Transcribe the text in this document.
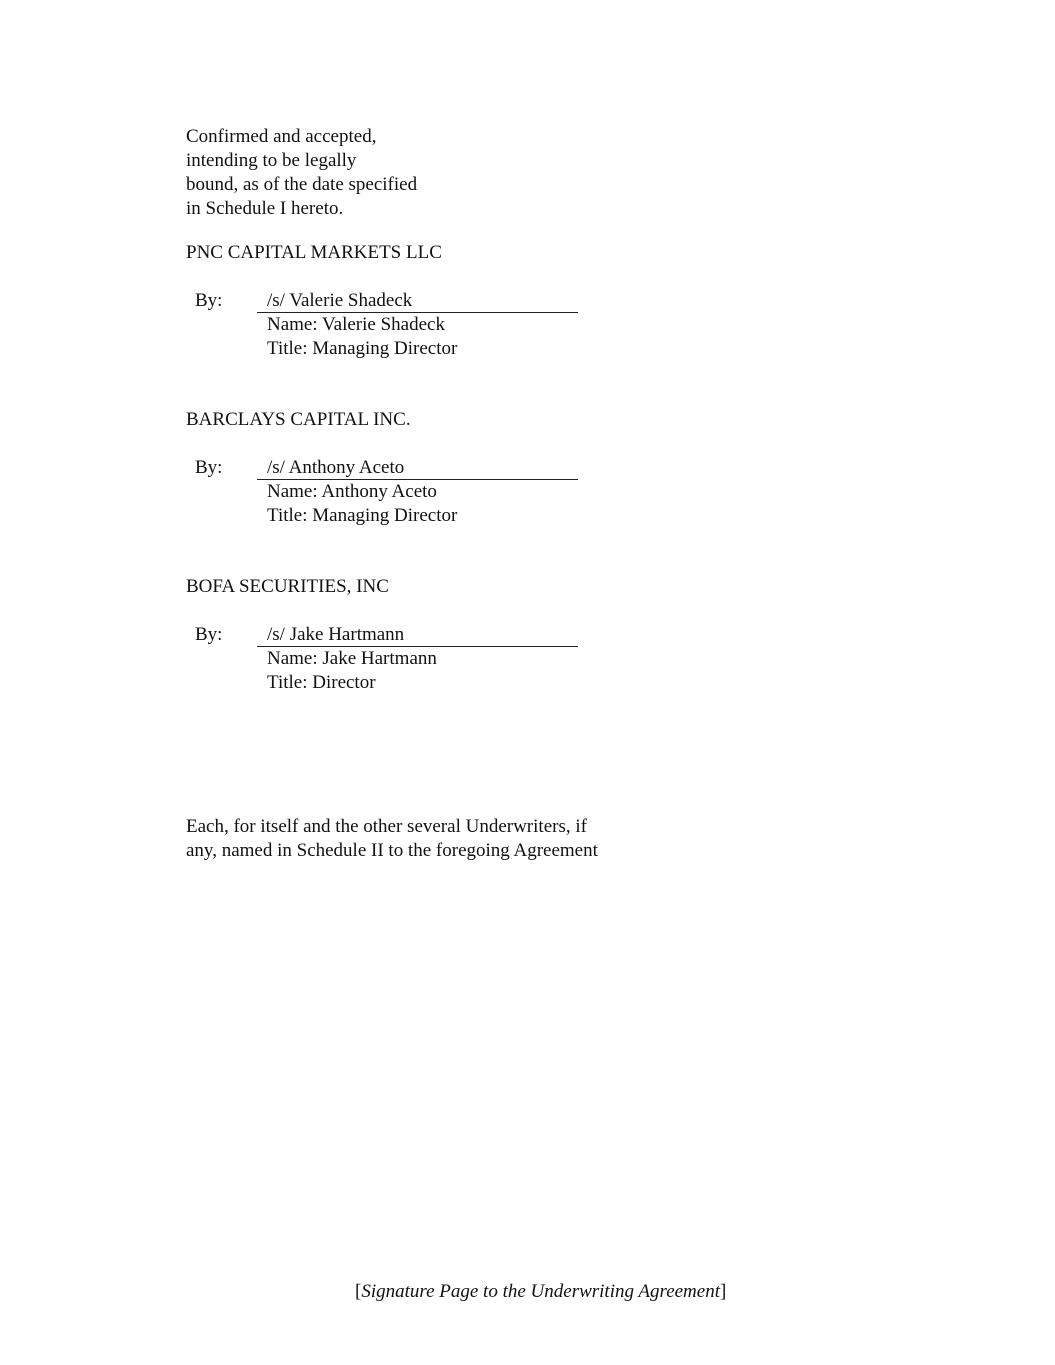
Confirmed and accepted,
intending to be legally
bound, as of the date specified
in Schedule I hereto.
PNC CAPITAL MARKETS LLC
By: /s/ Valerie Shadeck
Name: Valerie Shadeck
Title: Managing Director
BARCLAYS CAPITAL INC.
By: /s/ Anthony Aceto
Name: Anthony Aceto
Title: Managing Director
BOFA SECURITIES, INC
By: /s/ Jake Hartmann
Name: Jake Hartmann
Title: Director
Each, for itself and the other several Underwriters, if
any, named in Schedule II to the foregoing Agreement
[Signature Page to the Underwriting Agreement]
